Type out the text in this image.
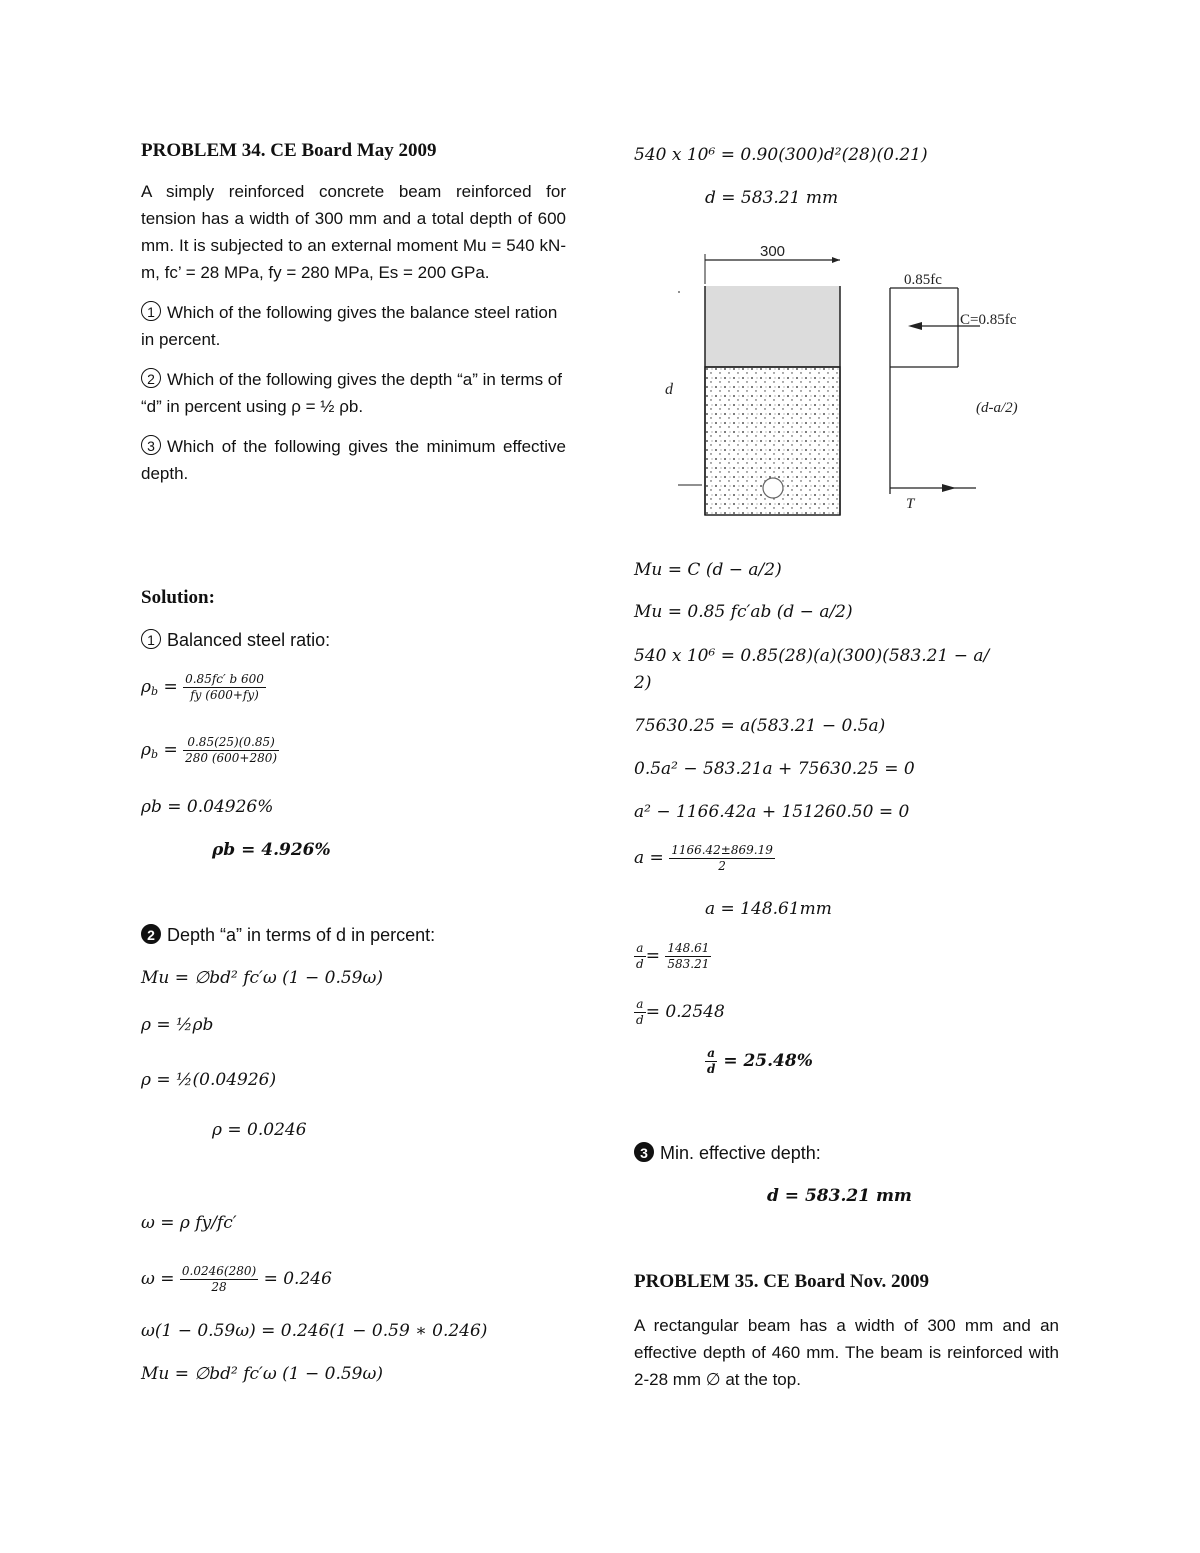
PROBLEM 34. CE Board May 2009
A simply reinforced concrete beam reinforced for tension has a width of 300 mm and a total depth of 600 mm. It is subjected to an external moment Mu = 540 kN-m, fc’ = 28 MPa, fy = 280 MPa, Es = 200 GPa.
1 Which of the following gives the balance steel ration in percent.
2 Which of the following gives the depth “a” in terms of “d” in percent using ρ = ½ ρb.
3 Which of the following gives the minimum effective depth.
Solution:
1 Balanced steel ratio:
$\rho_b = \frac{0.85fc' b 600}{fy (600+fy)}$
$\rho_b = \frac{0.85(25)(0.85)}{280 (600+280)}$
ρb = 0.04926%
ρb = 4.926%
2 Depth “a” in terms of d in percent:
Mu = ∅bd² fc′ω (1 − 0.59ω)
ρ = ½ρb
ρ = ½(0.04926)
ρ = 0.0246
ω = ρ fy/fc′
$\omega = \frac{0.0246(280)}{28} = 0.246$
ω(1 − 0.59ω) = 0.246(1 − 0.59 ∗ 0.246)
Mu = ∅bd² fc′ω (1 − 0.59ω)
540 x 10⁶ = 0.90(300)d²(28)(0.21)
d = 583.21 mm
300
d
0.85fc
C=0.85fc
(d-a/2)
T
Mu = C (d − a/2)
Mu = 0.85 fc′ab (d − a/2)
540 x 10⁶ = 0.85(28)(a)(300)(583.21 − a/
2)
75630.25 = a(583.21 − 0.5a)
0.5a² − 583.21a + 75630.25 = 0
a² − 1166.42a + 151260.50 = 0
$a = \frac{1166.42\pm 869.19}{2}$
a = 148.61mm
$\frac{a}{d} = \frac{148.61}{583.21}$
$\frac{a}{d} = 0.2548$
$\frac{a}{d} = 25.48\%$
3 Min. effective depth:
d = 583.21 mm
PROBLEM 35. CE Board Nov. 2009
A rectangular beam has a width of 300 mm and an effective depth of 460 mm. The beam is reinforced with 2-28 mm ∅ at the top.
